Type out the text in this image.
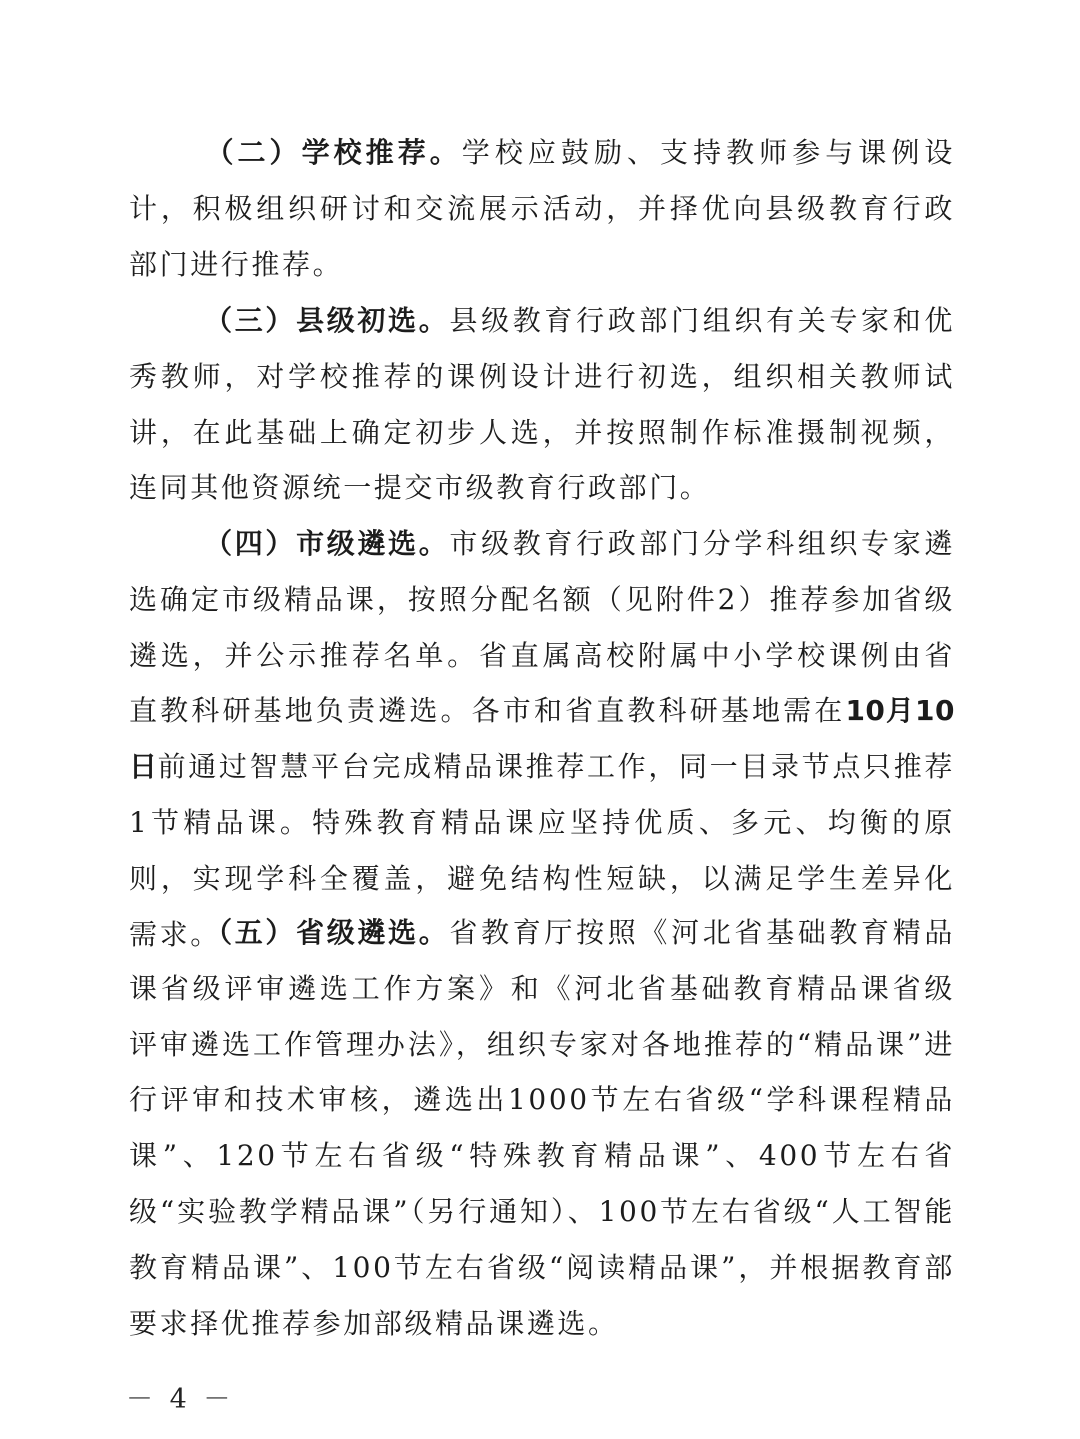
（二）学校推荐。学校应鼓励、支持教师参与课例设计，积极组织研讨和交流展示活动，并择优向县级教育行政部门进行推荐。

（三）县级初选。县级教育行政部门组织有关专家和优秀教师，对学校推荐的课例设计进行初选，组织相关教师试讲，在此基础上确定初步人选，并按照制作标准摄制视频，连同其他资源统一提交市级教育行政部门。

（四）市级遴选。市级教育行政部门分学科组织专家遴选确定市级精品课，按照分配名额（见附件2）推荐参加省级遴选，并公示推荐名单。省直属高校附属中小学校课例由省直教科研基地负责遴选。各市和省直教科研基地需在10月10日前通过智慧平台完成精品课推荐工作，同一目录节点只推荐1节精品课。特殊教育精品课应坚持优质、多元、均衡的原则，实现学科全覆盖，避免结构性短缺，以满足学生差异化需求。

（五）省级遴选。省教育厅按照《河北省基础教育精品课省级评审遴选工作方案》和《河北省基础教育精品课省级评审遴选工作管理办法》，组织专家对各地推荐的“精品课”进行评审和技术审核，遴选出1000节左右省级“学科课程精品课”、120节左右省级“特殊教育精品课”、400节左右省级“实验教学精品课”（另行通知）、100节左右省级“人工智能教育精品课”、100节左右省级“阅读精品课”，并根据教育部要求择优推荐参加部级精品课遴选。

－ 4 －
